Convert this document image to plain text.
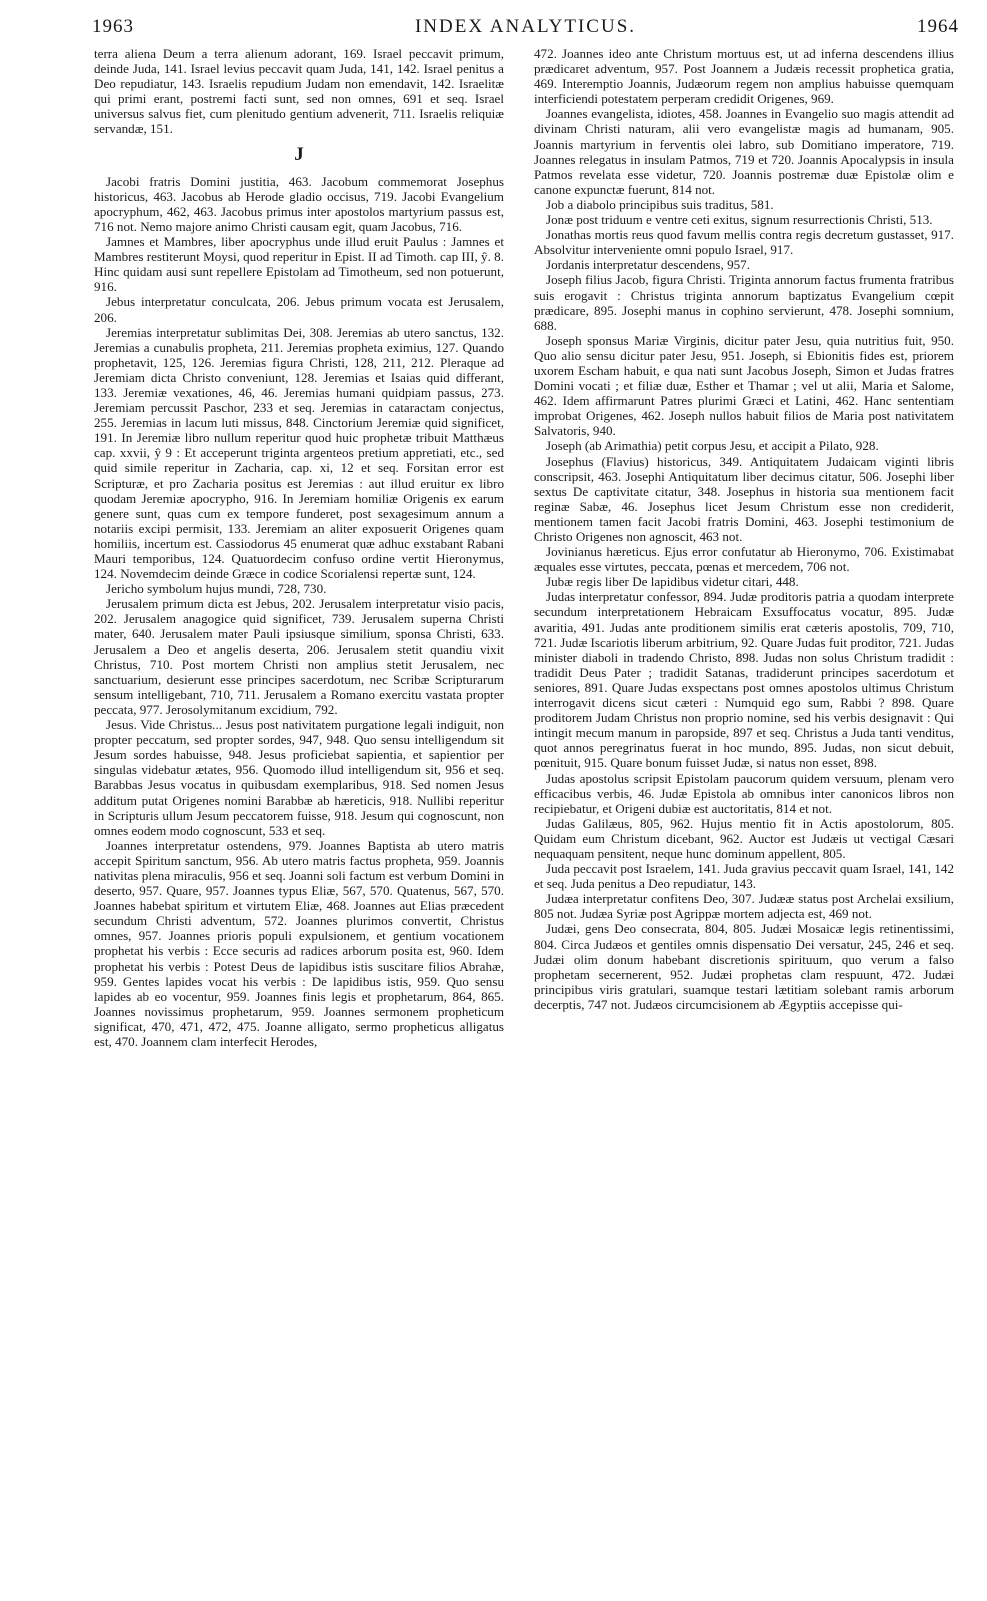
1963	INDEX ANALYTICUS.	1964

terra aliena Deum a terra alienum adorant, 169. Israel peccavit primum, deinde Juda, 141. Israel levius peccavit quam Juda, 141, 142. Israel penitus a Deo repudiatur, 143. Israelis repudium Judam non emendavit, 142. Israelitæ qui primi erant, postremi facti sunt, sed non omnes, 691 et seq. Israel universus salvus fiet, cum plenitudo gentium advenerit, 711. Israelis reliquiæ servandæ, 151.

J

Jacobi fratris Domini justitia, 463. Jacobum commemorat Josephus historicus, 463. Jacobus ab Herode gladio occisus, 719. Jacobi Evangelium apocryphum, 462, 463. Jacobus primus inter apostolos martyrium passus est, 716 not. Nemo majore animo Christi causam egit, quam Jacobus, 716.

Jamnes et Mambres, liber apocryphus unde illud eruit Paulus : Jamnes et Mambres restiterunt Moysi, quod reperitur in Epist. II ad Timoth. cap III, ŷ. 8. Hinc quidam ausi sunt repellere Epistolam ad Timotheum, sed non potuerunt, 916.

Jebus interpretatur conculcata, 206. Jebus primum vocata est Jerusalem, 206.

Jeremias interpretatur sublimitas Dei, 308. Jeremias ab utero sanctus, 132. Jeremias a cunabulis propheta, 211. Jeremias propheta eximius, 127. Quando prophetavit, 125, 126. Jeremias figura Christi, 128, 211, 212. Pleraque ad Jeremiam dicta Christo conveniunt, 128. Jeremias et Isaias quid differant, 133. Jeremiæ vexationes, 46, 46. Jeremias humani quidpiam passus, 273. Jeremiam percussit Paschor, 233 et seq. Jeremias in cataractam conjectus, 255. Jeremias in lacum luti missus, 848. Cinctorium Jeremiæ quid significet, 191. In Jeremiæ libro nullum reperitur quod huic prophetæ tribuit Matthæus cap. xxvii, ŷ 9 : Et acceperunt triginta argenteos pretium appretiati, etc., sed quid simile reperitur in Zacharia, cap. xi, 12 et seq. Forsitan error est Scripturæ, et pro Zacharia positus est Jeremias : aut illud eruitur ex libro quodam Jeremiæ apocrypho, 916. In Jeremiam homiliæ Origenis ex earum genere sunt, quas cum ex tempore funderet, post sexagesimum annum a notariis excipi permisit, 133. Jeremiam an aliter exposuerit Origenes quam homiliis, incertum est. Cassiodorus 45 enumerat quæ adhuc exstabant Rabani Mauri temporibus, 124. Quatuordecim confuso ordine vertit Hieronymus, 124. Novemdecim deinde Græce in codice Scorialensi repertæ sunt, 124.

Jericho symbolum hujus mundi, 728, 730.

Jerusalem primum dicta est Jebus, 202. Jerusalem interpretatur visio pacis, 202. Jerusalem anagogice quid significet, 739. Jerusalem superna Christi mater, 640. Jerusalem mater Pauli ipsiusque similium, sponsa Christi, 633. Jerusalem a Deo et angelis deserta, 206. Jerusalem stetit quandiu vixit Christus, 710. Post mortem Christi non amplius stetit Jerusalem, nec sanctuarium, desierunt esse principes sacerdotum, nec Scribæ Scripturarum sensum intelligebant, 710, 711. Jerusalem a Romano exercitu vastata propter peccata, 977. Jerosolymitanum excidium, 792.

Jesus. Vide Christus... Jesus post nativitatem purgatione legali indiguit, non propter peccatum, sed propter sordes, 947, 948. Quo sensu intelligendum sit Jesum sordes habuisse, 948. Jesus proficiebat sapientia, et sapientior per singulas videbatur ætates, 956. Quomodo illud intelligendum sit, 956 et seq. Barabbas Jesus vocatus in quibusdam exemplaribus, 918. Sed nomen Jesus additum putat Origenes nomini Barabbæ ab hæreticis, 918. Nullibi reperitur in Scripturis ullum Jesum peccatorem fuisse, 918. Jesum qui cognoscunt, non omnes eodem modo cognoscunt, 533 et seq.

Joannes interpretatur ostendens, 979. Joannes Baptista ab utero matris accepit Spiritum sanctum, 956. Ab utero matris factus propheta, 959. Joannis nativitas plena miraculis, 956 et seq. Joanni soli factum est verbum Domini in deserto, 957. Quare, 957. Joannes typus Eliæ, 567, 570. Quatenus, 567, 570. Joannes habebat spiritum et virtutem Eliæ, 468. Joannes aut Elias præcedent secundum Christi adventum, 572. Joannes plurimos convertit, Christus omnes, 957. Joannes prioris populi expulsionem, et gentium vocationem prophetat his verbis : Ecce securis ad radices arborum posita est, 960. Idem prophetat his verbis : Potest Deus de lapidibus istis suscitare filios Abrahæ, 959. Gentes lapides vocat his verbis : De lapidibus istis, 959. Quo sensu lapides ab eo vocentur, 959. Joannes finis legis et prophetarum, 864, 865. Joannes novissimus prophetarum, 959. Joannes sermonem propheticum significat, 470, 471, 472, 475. Joanne alligato, sermo propheticus alligatus est, 470. Joannem clam interfecit Herodes,

472. Joannes ideo ante Christum mortuus est, ut ad inferna descendens illius prædicaret adventum, 957. Post Joannem a Judæis recessit prophetica gratia, 469. Interemptio Joannis, Judæorum regem non amplius habuisse quemquam interficiendi potestatem perperam credidit Origenes, 969.

Joannes evangelista, idiotes, 458. Joannes in Evangelio suo magis attendit ad divinam Christi naturam, alii vero evangelistæ magis ad humanam, 905. Joannis martyrium in ferventis olei labro, sub Domitiano imperatore, 719. Joannes relegatus in insulam Patmos, 719 et 720. Joannis Apocalypsis in insula Patmos revelata esse videtur, 720. Joannis postremæ duæ Epistolæ olim e canone expunctæ fuerunt, 814 not.

Job a diabolo principibus suis traditus, 581.

Jonæ post triduum e ventre ceti exitus, signum resurrectionis Christi, 513.

Jonathas mortis reus quod favum mellis contra regis decretum gustasset, 917. Absolvitur interveniente omni populo Israel, 917.

Jordanis interpretatur descendens, 957.

Joseph filius Jacob, figura Christi. Triginta annorum factus frumenta fratribus suis erogavit : Christus triginta annorum baptizatus Evangelium cœpit prædicare, 895. Josephi manus in cophino servierunt, 478. Josephi somnium, 688.

Joseph sponsus Mariæ Virginis, dicitur pater Jesu, quia nutritius fuit, 950. Quo alio sensu dicitur pater Jesu, 951. Joseph, si Ebionitis fides est, priorem uxorem Escham habuit, e qua nati sunt Jacobus Joseph, Simon et Judas fratres Domini vocati ; et filiæ duæ, Esther et Thamar ; vel ut alii, Maria et Salome, 462. Idem affirmarunt Patres plurimi Græci et Latini, 462. Hanc sententiam improbat Origenes, 462. Joseph nullos habuit filios de Maria post nativitatem Salvatoris, 940.

Joseph (ab Arimathia) petit corpus Jesu, et accipit a Pilato, 928.

Josephus (Flavius) historicus, 349. Antiquitatem Judaicam viginti libris conscripsit, 463. Josephi Antiquitatum liber decimus citatur, 506. Josephi liber sextus De captivitate citatur, 348. Josephus in historia sua mentionem facit reginæ Sabæ, 46. Josephus licet Jesum Christum esse non crediderit, mentionem tamen facit Jacobi fratris Domini, 463. Josephi testimonium de Christo Origenes non agnoscit, 463 not.

Jovinianus hæreticus. Ejus error confutatur ab Hieronymo, 706. Existimabat æquales esse virtutes, peccata, pœnas et mercedem, 706 not.

Jubæ regis liber De lapidibus videtur citari, 448.

Judas interpretatur confessor, 894. Judæ proditoris patria a quodam interprete secundum interpretationem Hebraicam Exsuffocatus vocatur, 895. Judæ avaritia, 491. Judas ante proditionem similis erat cæteris apostolis, 709, 710, 721. Judæ Iscariotis liberum arbitrium, 92. Quare Judas fuit proditor, 721. Judas minister diaboli in tradendo Christo, 898. Judas non solus Christum tradidit : tradidit Deus Pater ; tradidit Satanas, tradiderunt principes sacerdotum et seniores, 891. Quare Judas exspectans post omnes apostolos ultimus Christum interrogavit dicens sicut cæteri : Numquid ego sum, Rabbi ? 898. Quare proditorem Judam Christus non proprio nomine, sed his verbis designavit : Qui intingit mecum manum in paropside, 897 et seq. Christus a Juda tanti venditus, quot annos peregrinatus fuerat in hoc mundo, 895. Judas, non sicut debuit, pœnituit, 915. Quare bonum fuisset Judæ, si natus non esset, 898.

Judas apostolus scripsit Epistolam paucorum quidem versuum, plenam vero efficacibus verbis, 46. Judæ Epistola ab omnibus inter canonicos libros non recipiebatur, et Origeni dubiæ est auctoritatis, 814 et not.

Judas Galilæus, 805, 962. Hujus mentio fit in Actis apostolorum, 805. Quidam eum Christum dicebant, 962. Auctor est Judæis ut vectigal Cæsari nequaquam pensitent, neque hunc dominum appellent, 805.

Juda peccavit post Israelem, 141. Juda gravius peccavit quam Israel, 141, 142 et seq. Juda penitus a Deo repudiatur, 143.

Judæa interpretatur confitens Deo, 307. Judææ status post Archelai exsilium, 805 not. Judæa Syriæ post Agrippæ mortem adjecta est, 469 not.

Judæi, gens Deo consecrata, 804, 805. Judæi Mosaicæ legis retinentissimi, 804. Circa Judæos et gentiles omnis dispensatio Dei versatur, 245, 246 et seq. Judæi olim donum habebant discretionis spirituum, quo verum a falso prophetam secernerent, 952. Judæi prophetas clam respuunt, 472. Judæi principibus viris gratulari, suamque testari lætitiam solebant ramis arborum decerptis, 747 not. Judæos circumcisionem ab Ægyptiis accepisse qui-
